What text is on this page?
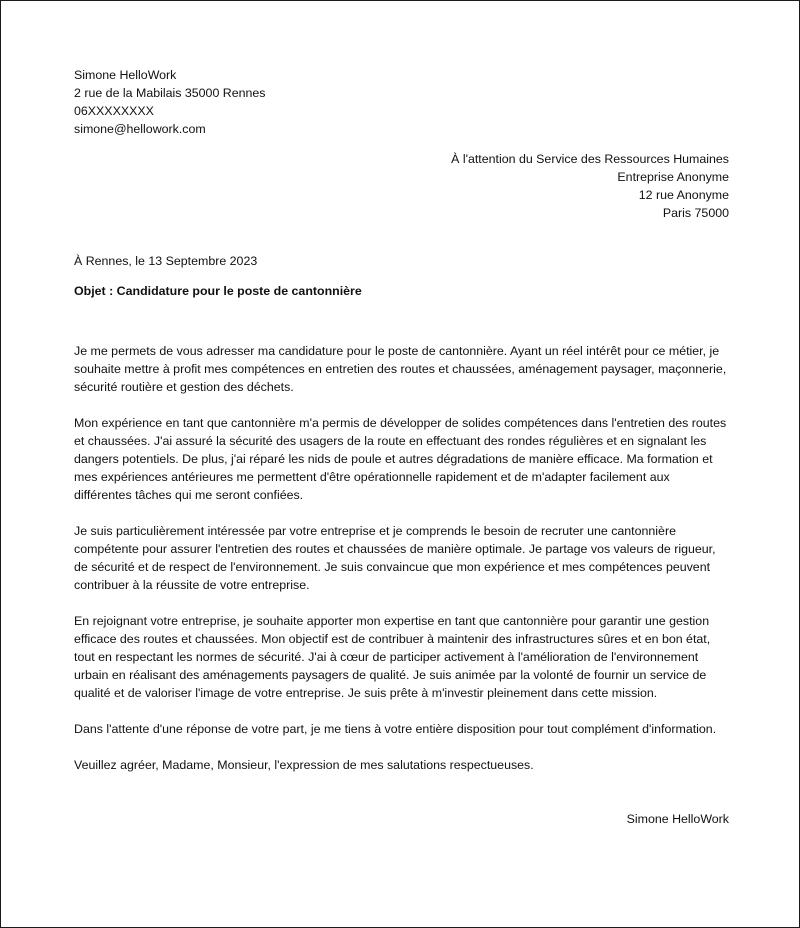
Simone HelloWork
2 rue de la Mabilais 35000 Rennes
06XXXXXXXX
simone@hellowork.com
À l'attention du Service des Ressources Humaines
Entreprise Anonyme
12 rue Anonyme
Paris 75000
À Rennes, le 13 Septembre 2023
Objet : Candidature pour le poste de cantonnière

Je me permets de vous adresser ma candidature pour le poste de cantonnière. Ayant un réel intérêt pour ce métier, je souhaite mettre à profit mes compétences en entretien des routes et chaussées, aménagement paysager, maçonnerie, sécurité routière et gestion des déchets.

Mon expérience en tant que cantonnière m'a permis de développer de solides compétences dans l'entretien des routes et chaussées. J'ai assuré la sécurité des usagers de la route en effectuant des rondes régulières et en signalant les dangers potentiels. De plus, j'ai réparé les nids de poule et autres dégradations de manière efficace. Ma formation et mes expériences antérieures me permettent d'être opérationnelle rapidement et de m'adapter facilement aux différentes tâches qui me seront confiées.

Je suis particulièrement intéressée par votre entreprise et je comprends le besoin de recruter une cantonnière compétente pour assurer l'entretien des routes et chaussées de manière optimale. Je partage vos valeurs de rigueur, de sécurité et de respect de l'environnement. Je suis convaincue que mon expérience et mes compétences peuvent contribuer à la réussite de votre entreprise.

En rejoignant votre entreprise, je souhaite apporter mon expertise en tant que cantonnière pour garantir une gestion efficace des routes et chaussées. Mon objectif est de contribuer à maintenir des infrastructures sûres et en bon état, tout en respectant les normes de sécurité. J'ai à cœur de participer activement à l'amélioration de l'environnement urbain en réalisant des aménagements paysagers de qualité. Je suis animée par la volonté de fournir un service de qualité et de valoriser l'image de votre entreprise. Je suis prête à m'investir pleinement dans cette mission.

Dans l'attente d'une réponse de votre part, je me tiens à votre entière disposition pour tout complément d'information.

Veuillez agréer, Madame, Monsieur, l'expression de mes salutations respectueuses.

Simone HelloWork
